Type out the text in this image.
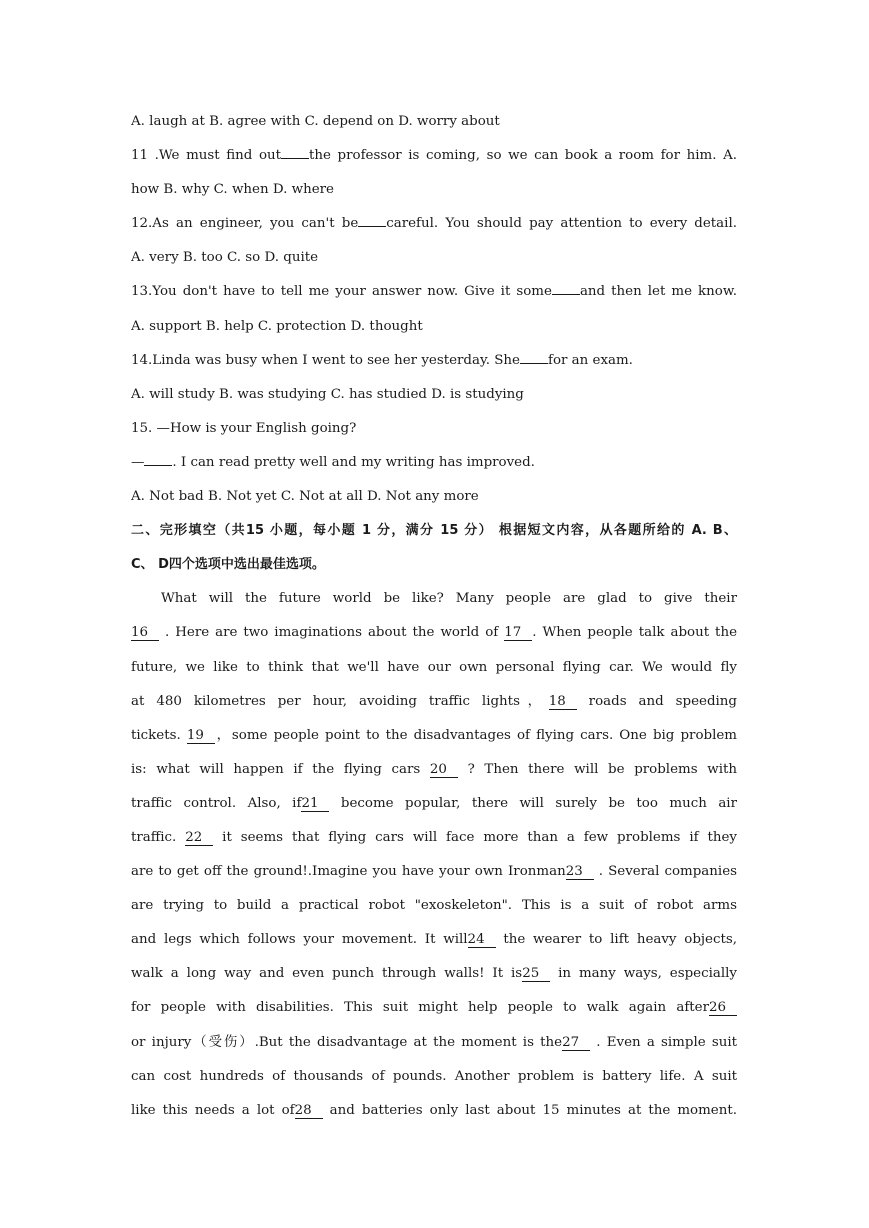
A. laugh at B. agree with C. depend on D. worry about
11 .We must find out the professor is coming, so we can book a room for him. A.
how B. why C. when D. where
12.As an engineer, you can't be careful. You should pay attention to every detail.
A. very B. too C. so D. quite
13.You don't have to tell me your answer now. Give it some and then let me know.
A. support B. help C. protection D. thought
14.Linda was busy when I went to see her yesterday. She for an exam.
A. will study B. was studying C. has studied D. is studying
15. —How is your English going?
— . I can read pretty well and my writing has improved.
A. Not bad B. Not yet C. Not at all D. Not any more
二、完形填空（共15 小题，每小题 1 分，满分 15 分） 根据短文内容，从各题所给的 A. B、
C、 D四个选项中选出最佳选项。
What will the future world be like? Many people are glad to give their
16 . Here are two imaginations about the world of 17 . When people talk about the
future, we like to think that we'll have our own personal flying car. We would fly
at 480 kilometres per hour, avoiding traffic lights，18 roads and speeding
tickets. 19 ，some people point to the disadvantages of flying cars. One big problem
is: what will happen if the flying cars 20 ? Then there will be problems with
traffic control. Also, if21 become popular, there will surely be too much air
traffic. 22 it seems that flying cars will face more than a few problems if they
are to get off the ground!.Imagine you have your own Ironman23 . Several companies
are trying to build a practical robot "exoskeleton". This is a suit of robot arms
and legs which follows your movement. It will24 the wearer to lift heavy objects,
walk a long way and even punch through walls! It is25 in many ways, especially
for people with disabilities. This suit might help people to walk again after26
or injury（受伤）.But the disadvantage at the moment is the27 . Even a simple suit
can cost hundreds of thousands of pounds. Another problem is battery life. A suit
like this needs a lot of28 and batteries only last about 15 minutes at the moment.
